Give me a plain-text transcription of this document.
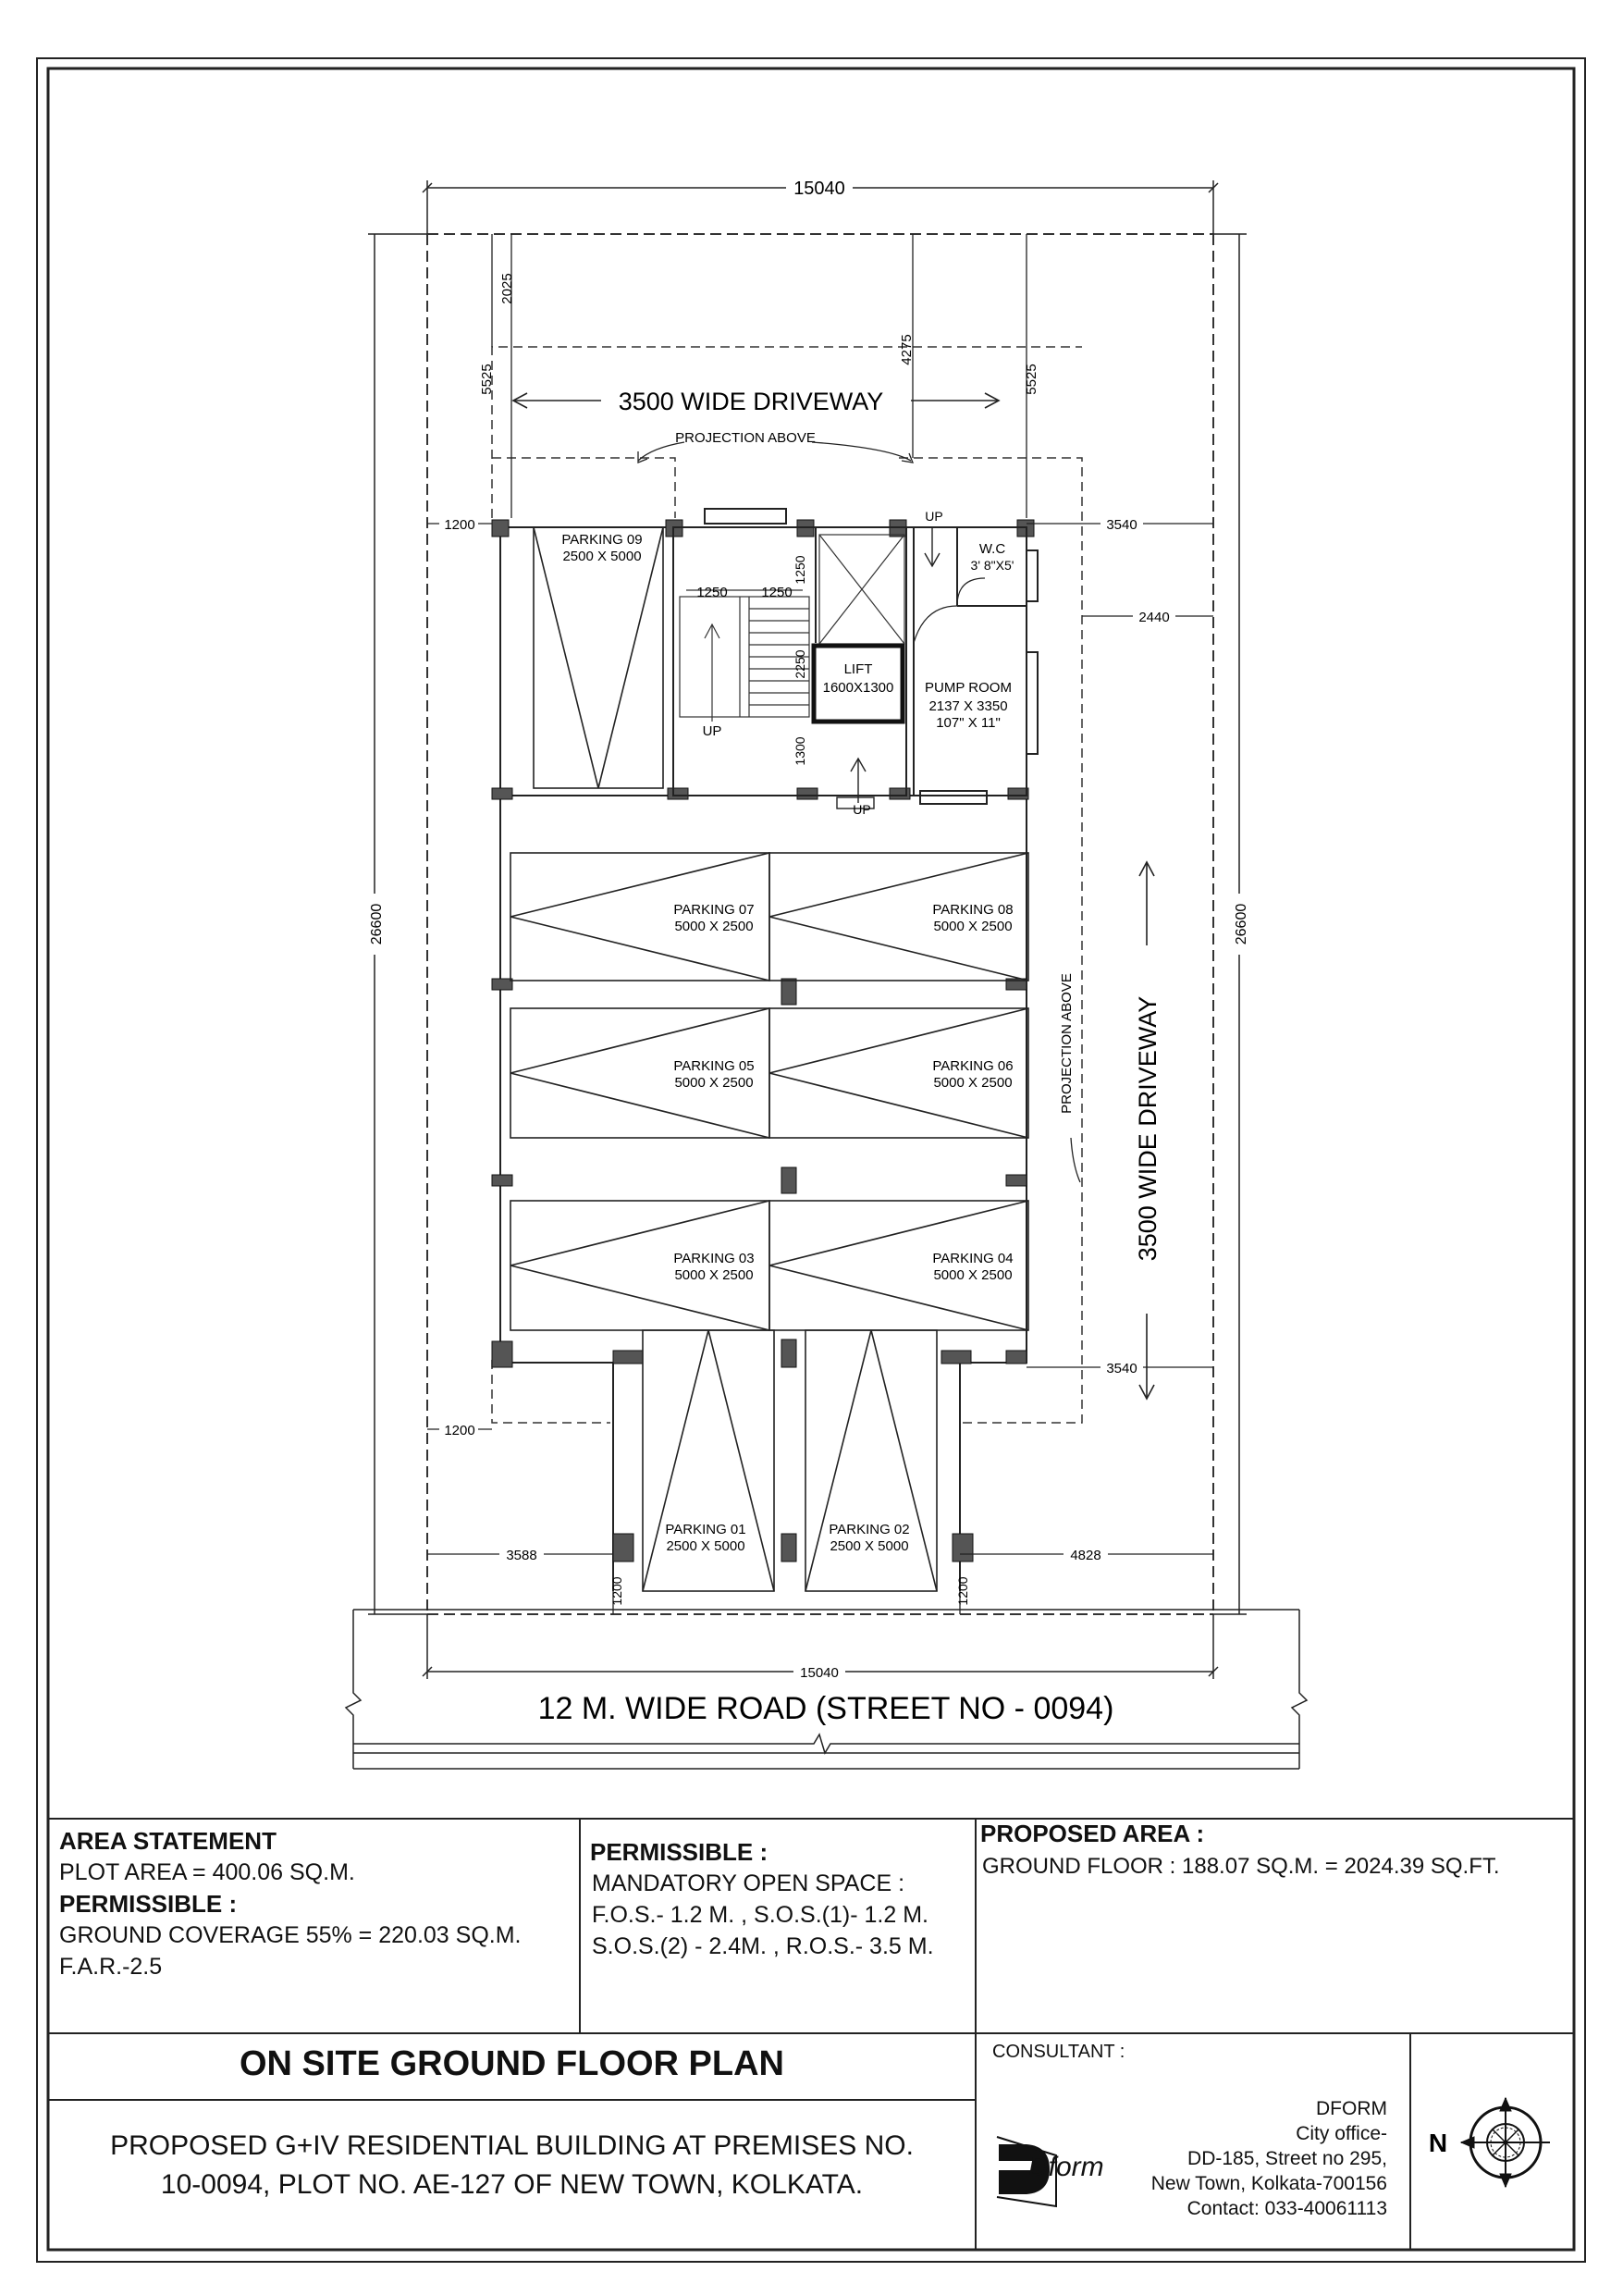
15040
26600	26600
2025
5525
4275
5525
3500 WIDE DRIVEWAY
PROJECTION ABOVE
1250 1250
1250
2250
1300
UP
LIFT
1600X1300
UP
UP
W.C
3' 8"X5'
PUMP ROOM
2137 X 3350
107" X 11"
3540
2440
3540
1200
1200
PARKING 09
2500 X 5000
PARKING 07
5000 X 2500
PARKING 08
5000 X 2500
PARKING 05
5000 X 2500
PARKING 06
5000 X 2500
PARKING 03
5000 X 2500
PARKING 04
5000 X 2500
PARKING 01
2500 X 5000
PARKING 02
2500 X 5000
3588	4828
1200	1200
3500 WIDE DRIVEWAY
PROJECTION ABOVE
15040
12 M. WIDE ROAD (STREET NO - 0094)
Dform
N
AREA STATEMENT
PLOT AREA = 400.06 SQ.M.
PERMISSIBLE :
GROUND COVERAGE 55% = 220.03 SQ.M.
F.A.R.-2.5
PERMISSIBLE :
MANDATORY OPEN SPACE :
F.O.S.- 1.2 M. , S.O.S.(1)- 1.2 M.
S.O.S.(2) - 2.4M. , R.O.S.- 3.5 M.
PROPOSED AREA :
GROUND FLOOR : 188.07 SQ.M. = 2024.39 SQ.FT.
ON SITE GROUND FLOOR PLAN
PROPOSED G+IV RESIDENTIAL BUILDING AT PREMISES NO.
10-0094, PLOT NO. AE-127 OF NEW TOWN, KOLKATA.
CONSULTANT :
DFORM
City office-
DD-185, Street no 295,
New Town, Kolkata-700156
Contact: 033-40061113
